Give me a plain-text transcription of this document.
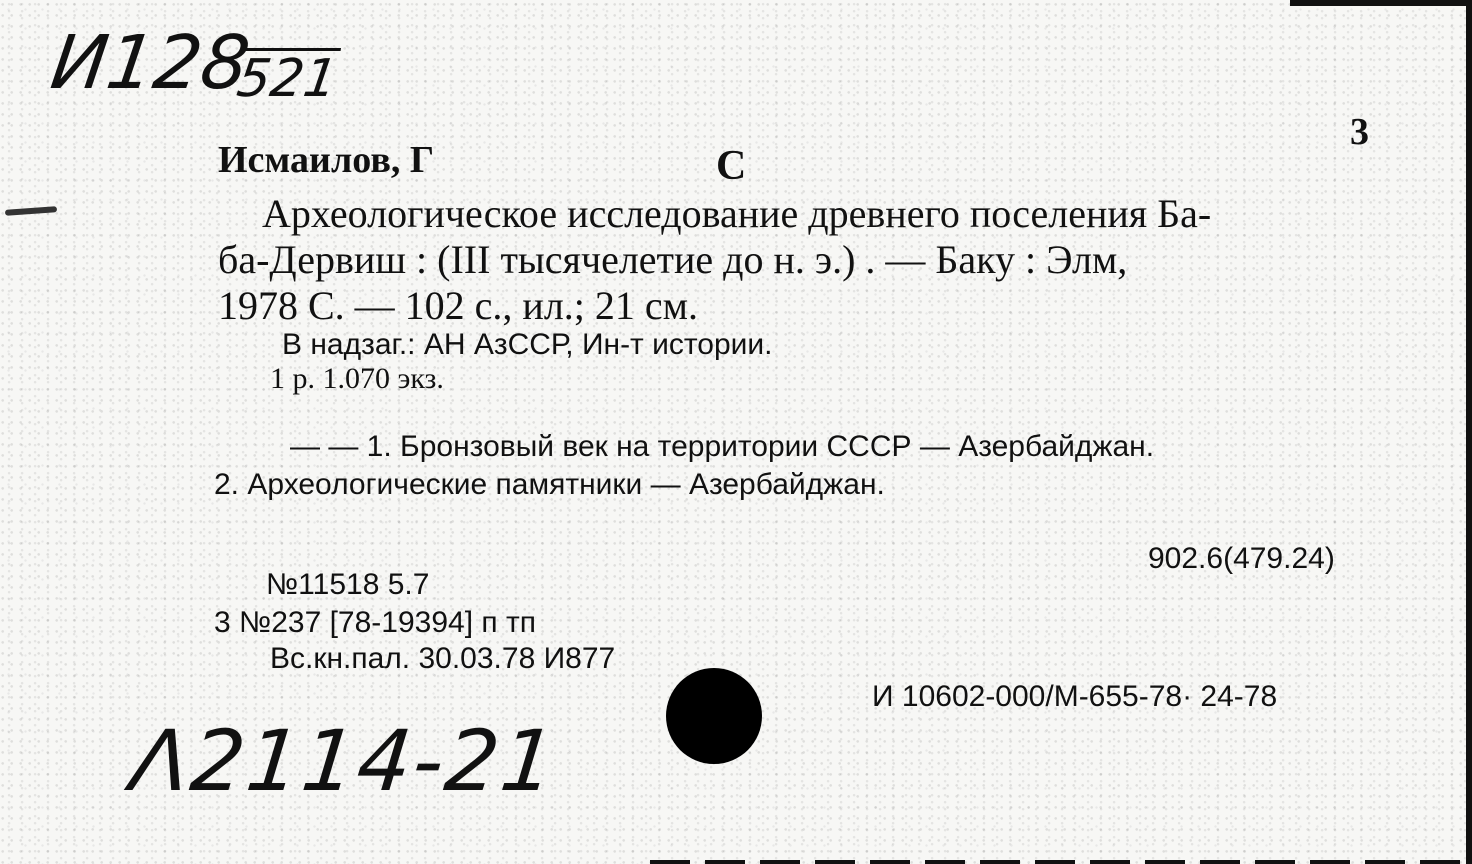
И128
521
3
Исмаилов, Г	С
Археологическое исследование древнего поселения Ба-
ба-Дервиш : (III тысячелетие до н. э.) . — Баку : Элм,
1978 С. — 102 с., ил.; 21 см.
В надзаг.: АН АзССР, Ин-т истории.
1 р. 1.070 экз.
— — 1. Бронзовый век на территории СССР — Азербайджан.
2. Археологические памятники — Азербайджан.
902.6(479.24)
№11518 5.7
3 №237 [78-19394] п тп
Вс.кн.пал. 30.03.78 И877
И 10602-000/М-655-78· 24-78
Λ2114-21
